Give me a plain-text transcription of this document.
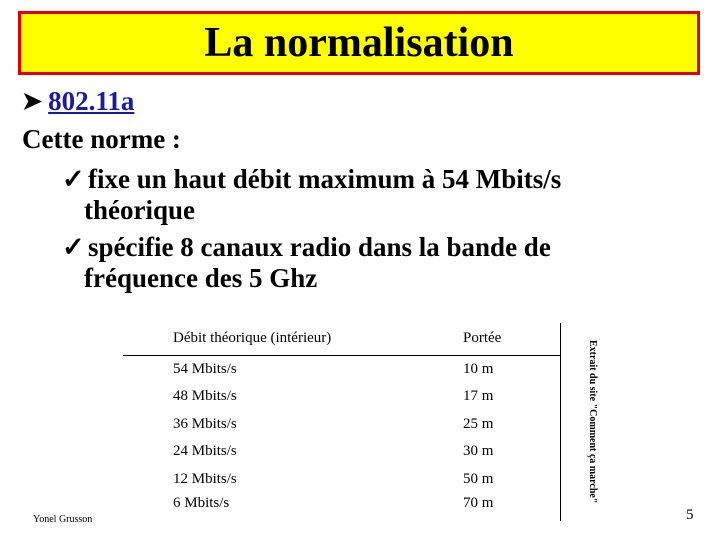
La normalisation
➤ 802.11a
Cette norme :
✓ fixe un haut débit maximum à 54 Mbits/s
théorique
✓ spécifie 8 canaux radio dans la bande de
fréquence des 5 Ghz
Débit théorique (intérieur)	Portée
54 Mbits/s	10 m
48 Mbits/s	17 m
36 Mbits/s	25 m
24 Mbits/s	30 m
12 Mbits/s	50 m
6 Mbits/s	70 m	Extrait du site "Comment ça marche"
Yonel Grusson	5
